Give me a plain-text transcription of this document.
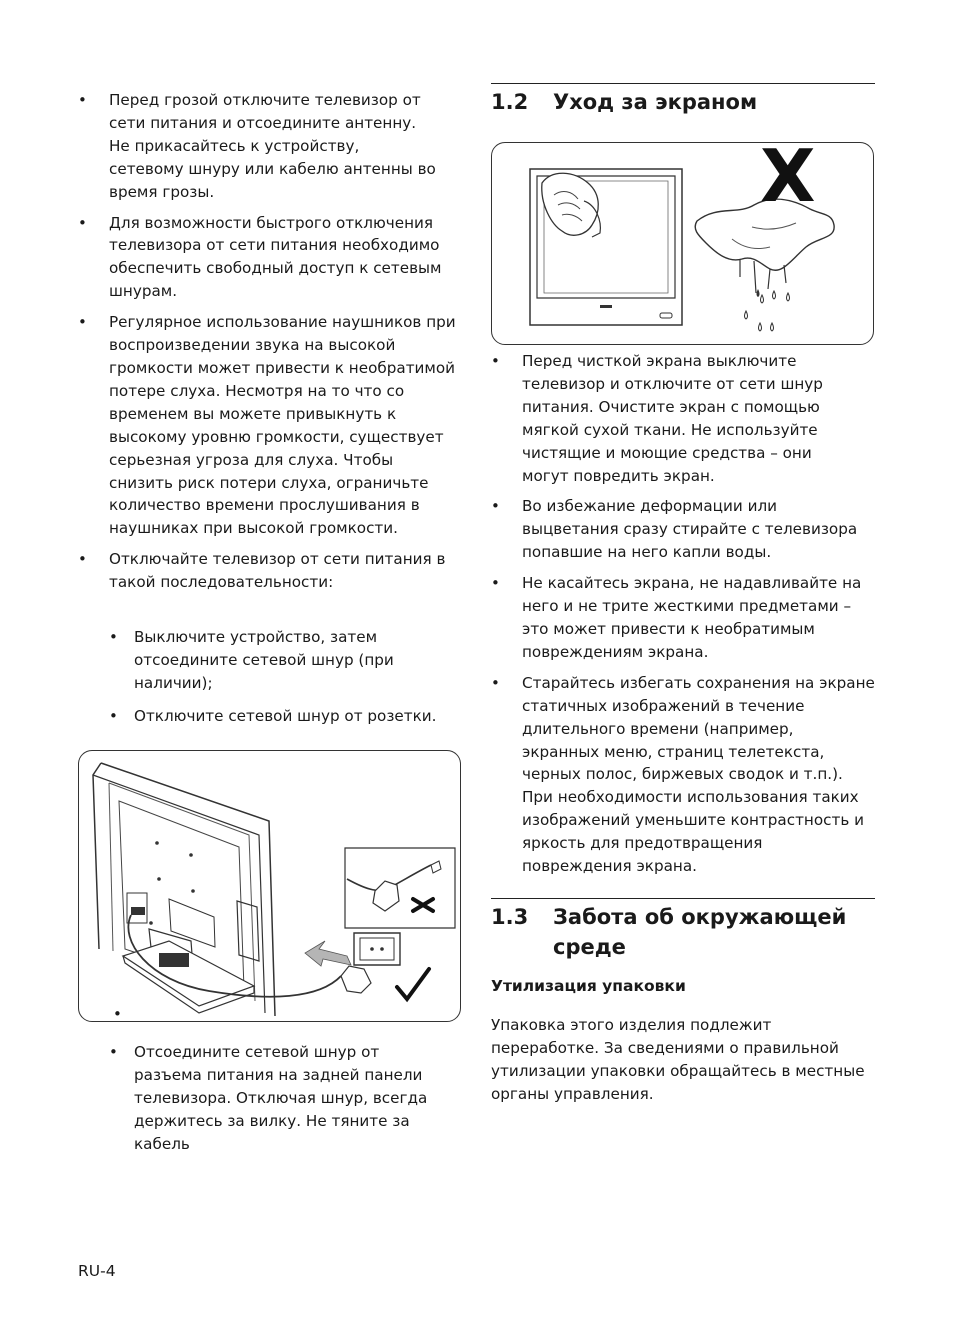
• Перед грозой отключите телевизор от сети питания и отсоедините антенну. Не прикасайтесь к устройству, сетевому шнуру или кабелю антенны во время грозы.
• Для возможности быстрого отключения телевизора от сети питания необходимо обеспечить свободный доступ к сетевым шнурам.
• Регулярное использование наушников при воспроизведении звука на высокой громкости может привести к необратимой потере слуха. Несмотря на то что со временем вы можете привыкнуть к высокому уровню громкости, существует серьезная угроза для слуха. Чтобы снизить риск потери слуха, ограничьте количество времени прослушивания в наушниках при высокой громкости.
• Отключайте телевизор от сети питания в такой последовательности:
• Выключите устройство, затем отсоедините сетевой шнур (при наличии);
• Отключите сетевой шнур от розетки.
•
• Отсоедините сетевой шнур от разъема питания на задней панели телевизора. Отключая шнур, всегда держитесь за вилку. Не тяните за кабель
RU-4
1.2 Уход за экраном
X
• Перед чисткой экрана выключите телевизор и отключите от сети шнур питания. Очистите экран с помощью мягкой сухой ткани. Не используйте чистящие и моющие средства – они могут повредить экран.
• Во избежание деформации или выцветания сразу стирайте с телевизора попавшие на него капли воды.
• Не касайтесь экрана, не надавливайте на него и не трите жесткими предметами – это может привести к необратимым повреждениям экрана.
• Старайтесь избегать сохранения на экране статичных изображений в течение длительного времени (например, экранных меню, страниц телетекста, черных полос, биржевых сводок и т.п.). При необходимости использования таких изображений уменьшите контрастность и яркость для предотвращения повреждения экрана.
1.3 Забота об окружающей среде
Утилизация упаковки
Упаковка этого изделия подлежит переработке. За сведениями о правильной утилизации упаковки обращайтесь в местные органы управления.
